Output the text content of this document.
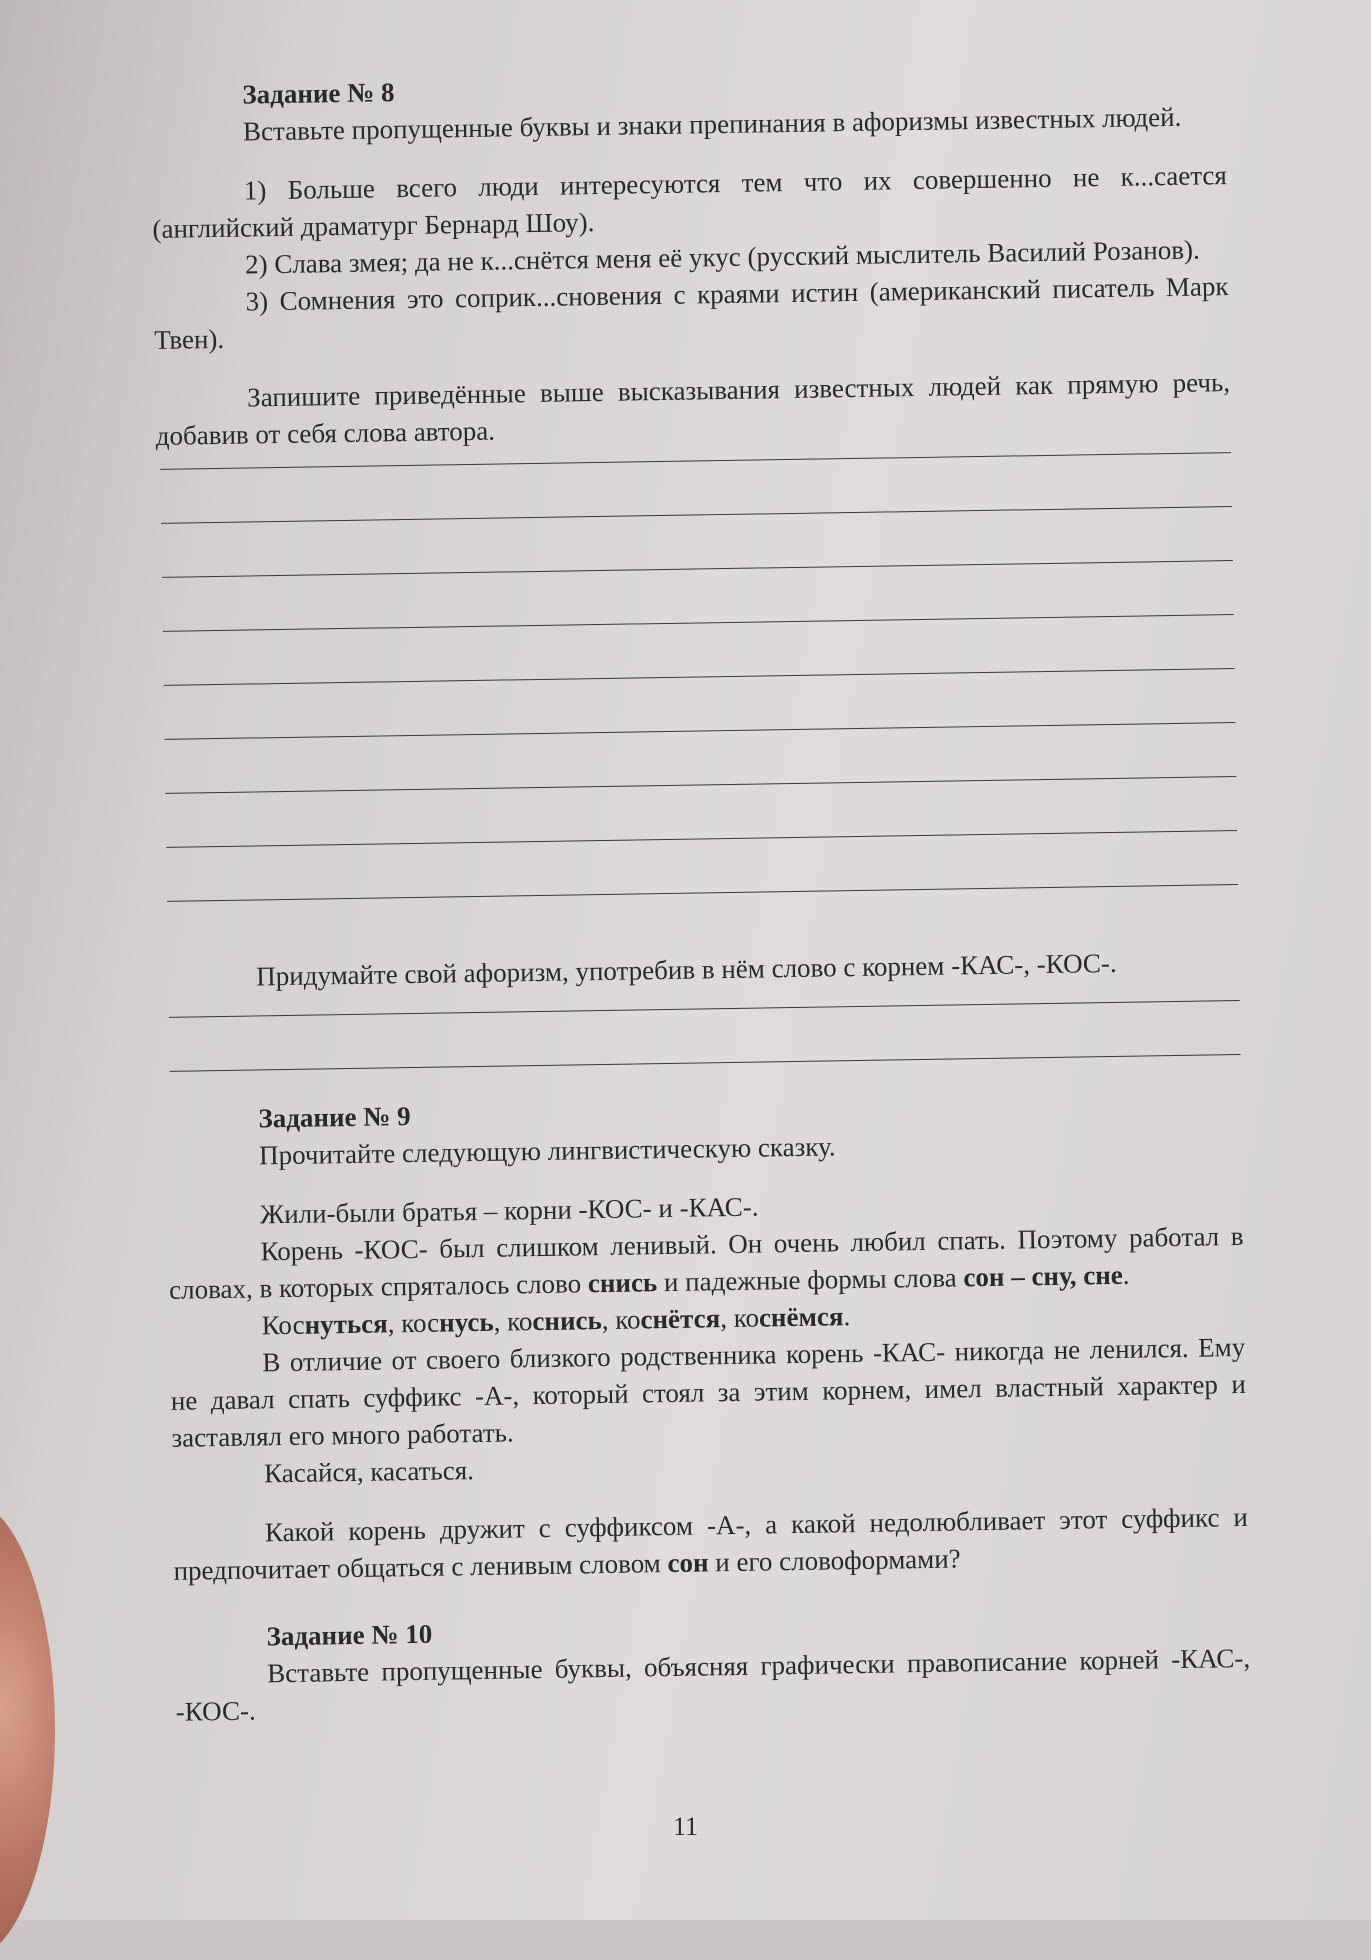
Задание № 8

Вставьте пропущенные буквы и знаки препинания в афоризмы известных людей.

1) Больше всего люди интересуются тем что их совершенно не к...сается (английский драматург Бернард Шоу).

2) Слава змея; да не к...снётся меня её укус (русский мыслитель Василий Розанов).

3) Сомнения это соприк...сновения с краями истин (американский писатель Марк Твен).

Запишите приведённые выше высказывания известных людей как прямую речь, добавив от себя слова автора.

Придумайте свой афоризм, употребив в нём слово с корнем -КАС-, -КОС-.

Задание № 9

Прочитайте следующую лингвистическую сказку.

Жили-были братья – корни -КОС- и -КАС-.

Корень -КОС- был слишком ленивый. Он очень любил спать. Поэтому работал в словах, в которых спряталось слово снись и падежные формы слова сон – сну, сне.

Коснуться, коснусь, коснись, коснётся, коснёмся.

В отличие от своего близкого родственника корень -КАС- никогда не ленился. Ему не давал спать суффикс -А-, который стоял за этим корнем, имел властный характер и заставлял его много работать.

Касайся, касаться.

Какой корень дружит с суффиксом -А-, а какой недолюбливает этот суффикс и предпочитает общаться с ленивым словом сон и его словоформами?

Задание № 10

Вставьте пропущенные буквы, объясняя графически правописание корней -КАС-, -КОС-.

11
